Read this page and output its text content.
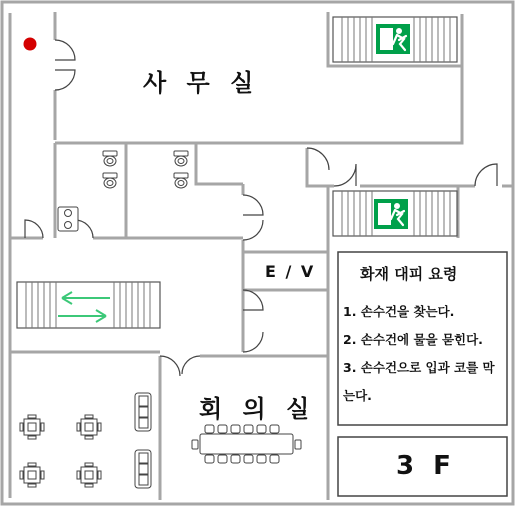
사 무 실
E / V
회 의 실
화재 대피 요령
1. 손수건을 찾는다.
2. 손수건에 물을 묻힌다.
3. 손수건으로 입과 코를 막는다.
3 F
